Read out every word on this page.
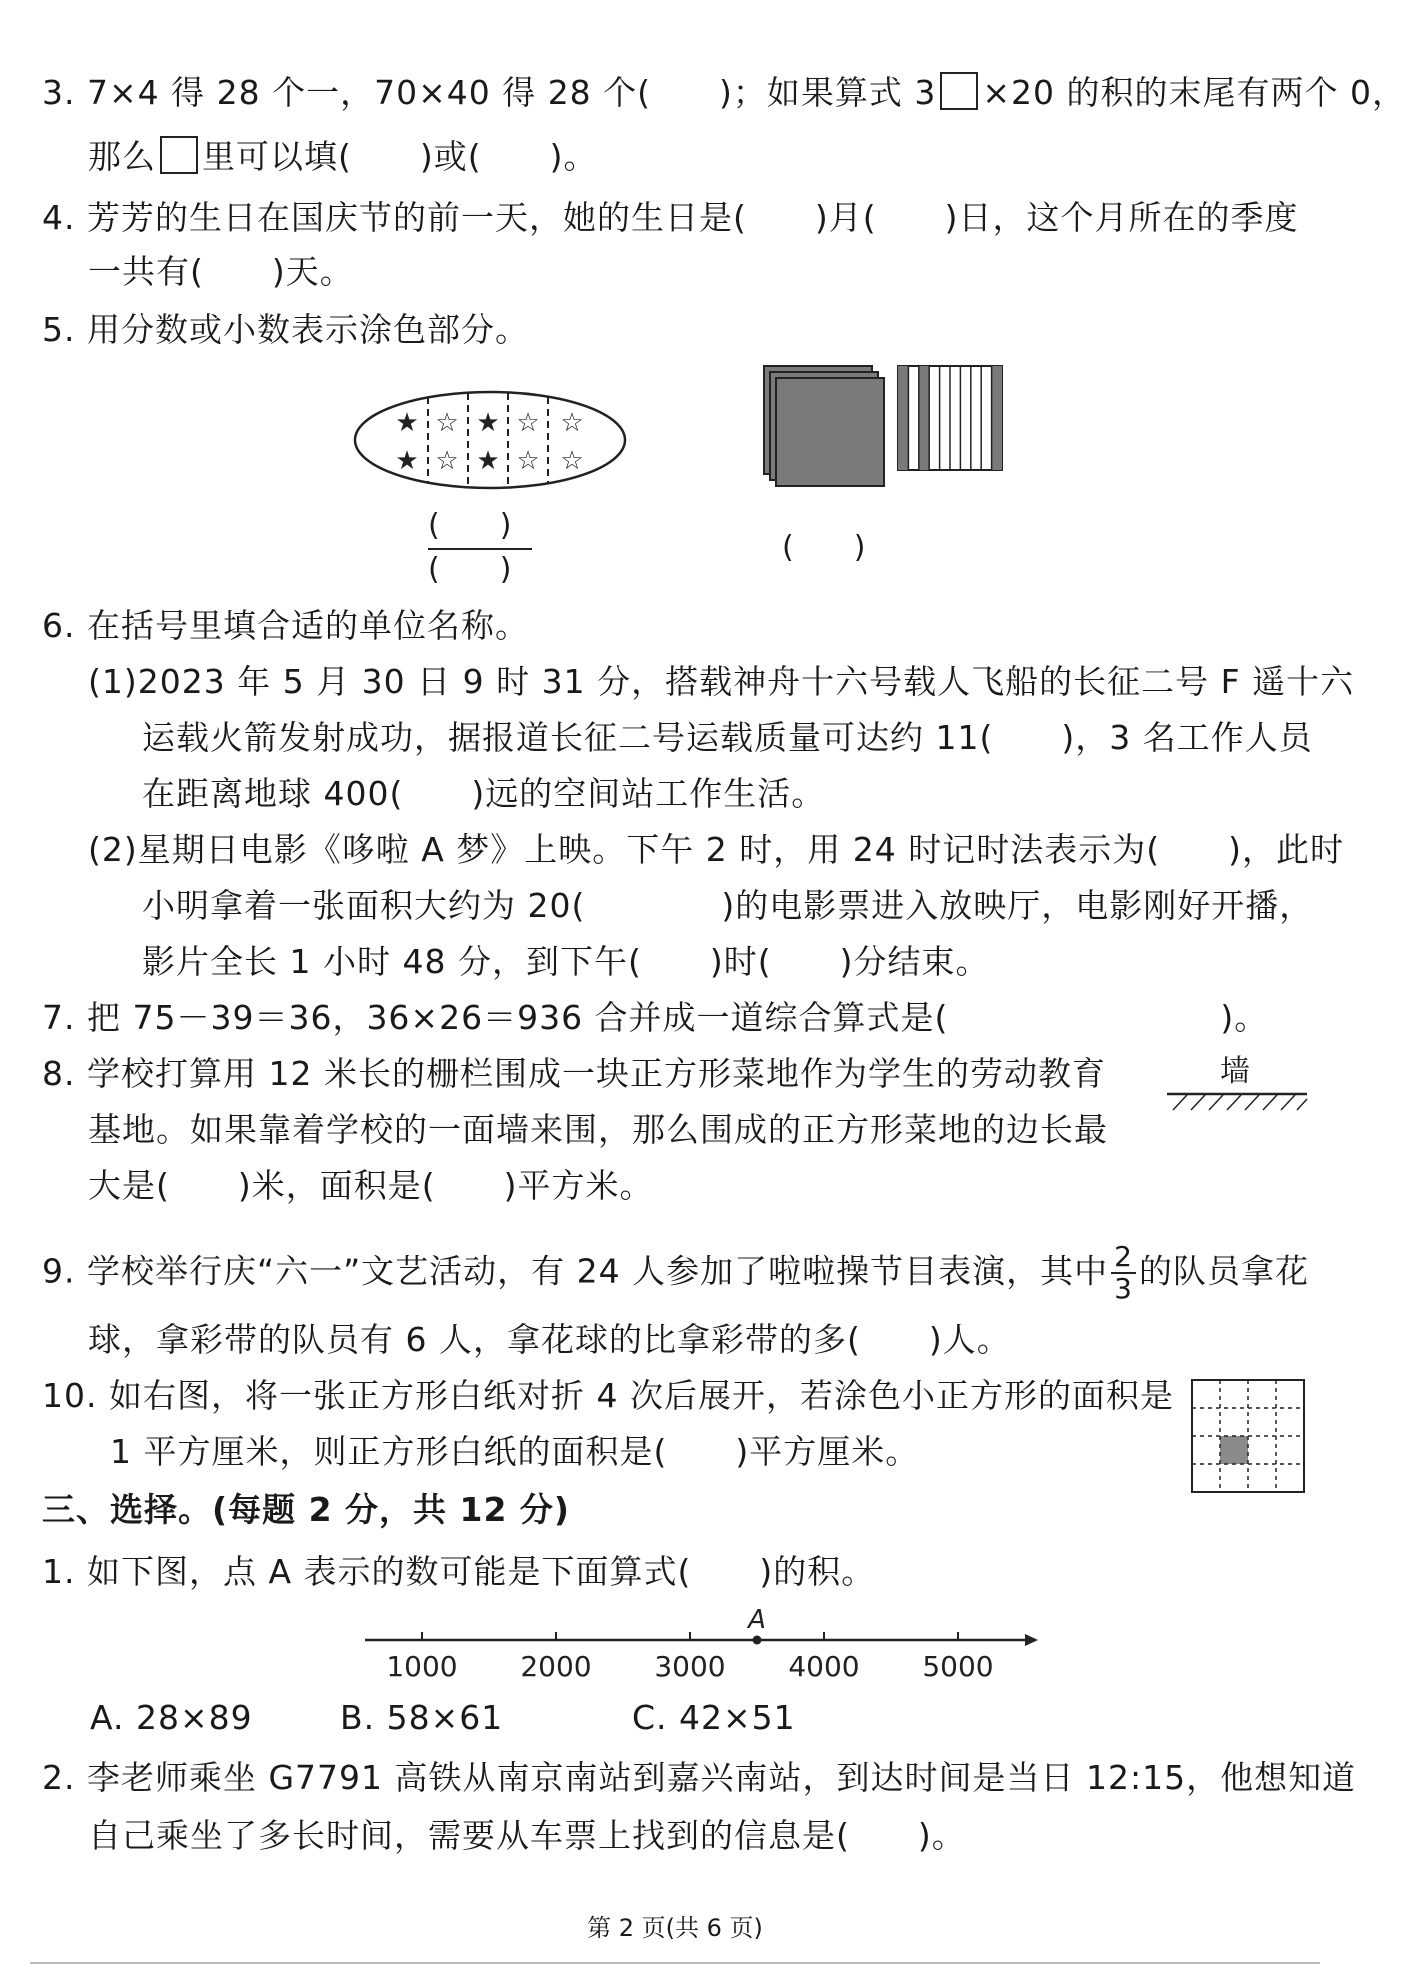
3. 7×4 得 28 个一，70×40 得 28 个(　　)；如果算式 3 ×20 的积的末尾有两个 0，
那么 里可以填(　　)或(　　)。
4. 芳芳的生日在国庆节的前一天，她的生日是(　　)月(　　)日，这个月所在的季度
一共有(　　)天。
5. 用分数或小数表示涂色部分。
★ ☆ ★ ☆ ☆
★ ☆ ★ ☆ ☆
(　　)
(　　)
(　　)
6. 在括号里填合适的单位名称。
(1)2023 年 5 月 30 日 9 时 31 分，搭载神舟十六号载人飞船的长征二号 F 遥十六
运载火箭发射成功，据报道长征二号运载质量可达约 11(　　)，3 名工作人员
在距离地球 400(　　)远的空间站工作生活。
(2)星期日电影《哆啦 A 梦》上映。下午 2 时，用 24 时记时法表示为(　　)，此时
小明拿着一张面积大约为 20(　　　　)的电影票进入放映厅，电影刚好开播，
影片全长 1 小时 48 分，到下午(　　)时(　　)分结束。
7. 把 75－39＝36，36×26＝936 合并成一道综合算式是(　　　　　　　　)。
8. 学校打算用 12 米长的栅栏围成一块正方形菜地作为学生的劳动教育
基地。如果靠着学校的一面墙来围，那么围成的正方形菜地的边长最
大是(　　)米，面积是(　　)平方米。
墙
9. 学校举行庆“六一”文艺活动，有 24 人参加了啦啦操节目表演，其中 $\frac{2}{3}$ 的队员拿花
球，拿彩带的队员有 6 人，拿花球的比拿彩带的多(　　)人。
10. 如右图，将一张正方形白纸对折 4 次后展开，若涂色小正方形的面积是
1 平方厘米，则正方形白纸的面积是(　　)平方厘米。
三、选择。(每题 2 分，共 12 分)
1. 如下图，点 A 表示的数可能是下面算式(　　)的积。
1000 2000 3000 4000 5000
A
A. 28×89	B. 58×61	C. 42×51
2. 李老师乘坐 G7791 高铁从南京南站到嘉兴南站，到达时间是当日 12:15，他想知道
自己乘坐了多长时间，需要从车票上找到的信息是(　　)。
第 2 页(共 6 页)
